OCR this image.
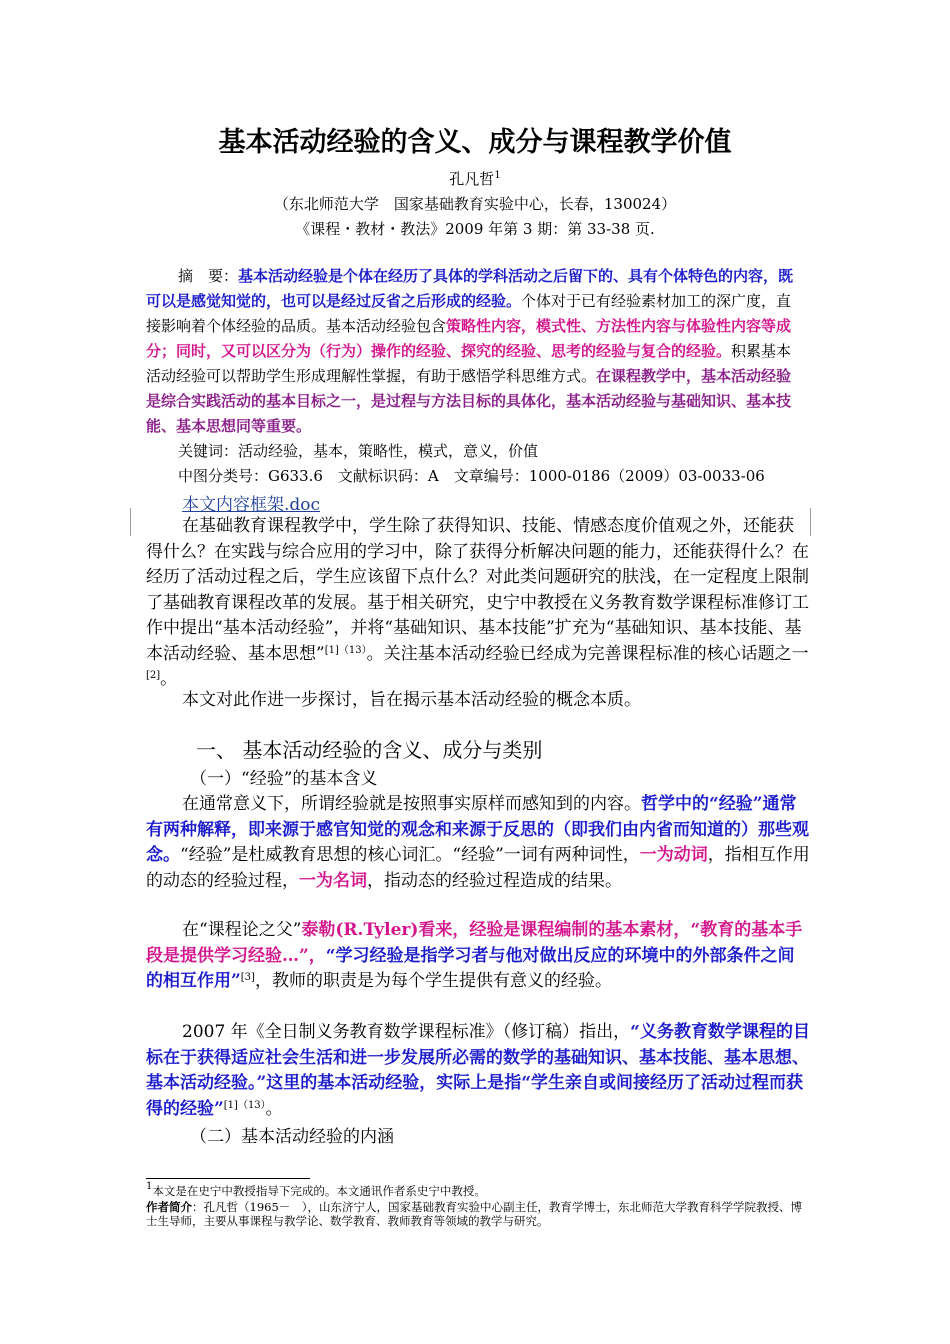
基本活动经验的含义、成分与课程教学价值
孔凡哲$^1$
（东北师范大学　国家基础教育实验中心，长春，130024）
《课程・教材・教法》2009 年第 3 期：第 33-38 页.
摘　要：基本活动经验是个体在经历了具体的学科活动之后留下的、具有个体特色的内容，既可以是感觉知觉的，也可以是经过反省之后形成的经验。个体对于已有经验素材加工的深广度，直接影响着个体经验的品质。基本活动经验包含策略性内容，模式性、方法性内容与体验性内容等成分；同时，又可以区分为（行为）操作的经验、探究的经验、思考的经验与复合的经验。积累基本活动经验可以帮助学生形成理解性掌握，有助于感悟学科思维方式。在课程教学中，基本活动经验是综合实践活动的基本目标之一，是过程与方法目标的具体化，基本活动经验与基础知识、基本技能、基本思想同等重要。
关键词：活动经验，基本，策略性，模式，意义，价值
中图分类号：G633.6　文献标识码：A　文章编号：1000-0186（2009）03-0033-06
本文内容框架.doc
在基础教育课程教学中，学生除了获得知识、技能、情感态度价值观之外，还能获得什么？在实践与综合应用的学习中，除了获得分析解决问题的能力，还能获得什么？在经历了活动过程之后，学生应该留下点什么？对此类问题研究的肤浅，在一定程度上限制了基础教育课程改革的发展。基于相关研究，史宁中教授在义务教育数学课程标准修订工作中提出“基本活动经验”，并将“基础知识、基本技能”扩充为“基础知识、基本技能、基本活动经验、基本思想”$^{[1](13)}$。关注基本活动经验已经成为完善课程标准的核心话题之一[2]。
本文对此作进一步探讨，旨在揭示基本活动经验的概念本质。
一、 基本活动经验的含义、成分与类别
（一）“经验”的基本含义
在通常意义下，所谓经验就是按照事实原样而感知到的内容。哲学中的“经验”通常有两种解释，即来源于感官知觉的观念和来源于反思的（即我们由内省而知道的）那些观念。“经验”是杜威教育思想的核心词汇。“经验”一词有两种词性，一为动词，指相互作用的动态的经验过程，一为名词，指动态的经验过程造成的结果。
在“课程论之父”泰勒(R.Tyler)看来，经验是课程编制的基本素材，“教育的基本手段是提供学习经验…”，“学习经验是指学习者与他对做出反应的环境中的外部条件之间的相互作用”[3]，教师的职责是为每个学生提供有意义的经验。
2007 年《全日制义务教育数学课程标准》（修订稿）指出，“义务教育数学课程的目标在于获得适应社会生活和进一步发展所必需的数学的基础知识、基本技能、基本思想、基本活动经验。”这里的基本活动经验，实际上是指“学生亲自或间接经历了活动过程而获得的经验”$^{[1](13)}$。
（二）基本活动经验的内涵
$^1$本文是在史宁中教授指导下完成的。本文通讯作者系史宁中教授。
作者简介：孔凡哲（1965－　），山东济宁人，国家基础教育实验中心副主任，教育学博士，东北师范大学教育科学学院教授、博士生导师，主要从事课程与教学论、数学教育、教师教育等领域的教学与研究。
